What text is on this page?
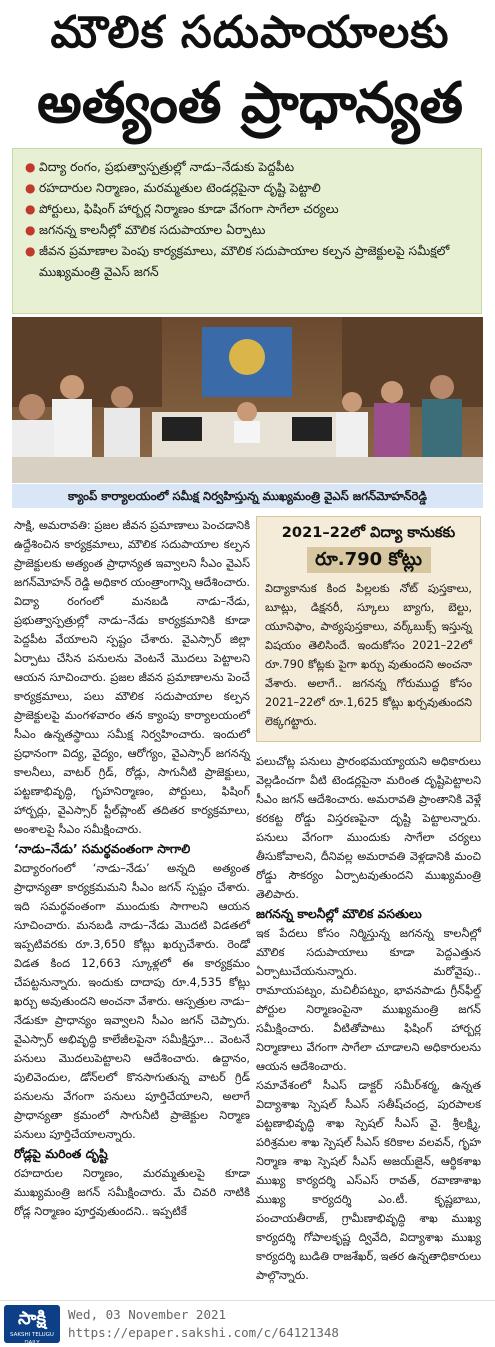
మౌలిక సదుపాయాలకు
అత్యంత ప్రాధాన్యత
● విద్యా రంగం, ప్రభుత్వాస్పత్రుల్లో నాడు–నేడుకు పెద్దపీట
● రహదారుల నిర్మాణం, మరమ్మతుల టెండర్లపైనా దృష్టి పెట్టాలి
● పోర్టులు, ఫిషింగ్ హార్బర్ల నిర్మాణం కూడా వేగంగా సాగేలా చర్యలు
● జగనన్న కాలనీల్లో మౌలిక సదుపాయాల ఏర్పాటు
● జీవన ప్రమాణాల పెంపు కార్యక్రమాలు, మౌలిక సదుపాయాల కల్పన ప్రాజెక్టులపై సమీక్షలో ముఖ్యమంత్రి వైఎస్ జగన్
క్యాంప్ కార్యాలయంలో సమీక్ష నిర్వహిస్తున్న ముఖ్యమంత్రి వైఎస్ జగన్‌మోహన్‌రెడ్డి

సాక్షి, అమరావతి: ప్రజల జీవన ప్రమాణాలు పెంచడానికి ఉద్దేశించిన కార్యక్రమాలు, మౌలిక సదుపాయాల కల్పన ప్రాజెక్టులకు అత్యంత ప్రాధాన్యత ఇవ్వాలని సీఎం వైఎస్ జగన్‌మోహన్ రెడ్డి అధికార యంత్రాంగాన్ని ఆదేశించారు. విద్యా రంగంలో మనబడి నాడు–నేడు, ప్రభుత్వాస్పత్రుల్లో నాడు–నేడు కార్యక్రమానికి కూడా పెద్దపీట వేయాలని స్పష్టం చేశారు. వైఎస్సార్ జిల్లా ఏర్పాటు చేసిన పనులను వెంటనే మొదలు పెట్టాలని ఆయన సూచించారు. ప్రజల జీవన ప్రమాణాలను పెంచే కార్యక్రమాలు, పలు మౌలిక సదుపాయాల కల్పన ప్రాజెక్టులపై మంగళవారం తన క్యాంపు కార్యాలయంలో సీఎం ఉన్నతస్థాయి సమీక్ష నిర్వహించారు. ఇందులో ప్రధానంగా విద్య, వైద్యం, ఆరోగ్యం, వైఎస్సార్ జగనన్న కాలనీలు, వాటర్ గ్రిడ్, రోడ్లు, సాగునీటి ప్రాజెక్టులు, పట్టణాభివృద్ధి, గృహనిర్మాణం, పోర్టులు, ఫిషింగ్ హార్బర్లు, వైఎస్సార్ స్టీల్‌ప్లాంట్ తదితర కార్యక్రమాలు, అంశాలపై సీఎం సమీక్షించారు.

‘నాడు–నేడు’ సమర్థవంతంగా సాగాలి

విద్యారంగంలో ‘నాడు–నేడు’ అన్నది అత్యంత ప్రాధాన్యతా కార్యక్రమమని సీఎం జగన్ స్పష్టం చేశారు. ఇది సమర్థవంతంగా ముందుకు సాగాలని ఆయన సూచించారు. మనబడి నాడు–నేడు మొదటి విడతలో ఇప్పటివరకు రూ.3,650 కోట్లు ఖర్చుచేశారు. రెండో విడత కింద 12,663 స్కూళ్లలో ఈ కార్యక్రమం చేపట్టనున్నారు. ఇందుకు దాదాపు రూ.4,535 కోట్లు ఖర్చు అవుతుందని అంచనా వేశారు. ఆస్పత్రుల నాడు–నేడుకూ ప్రాధాన్యం ఇవ్వాలని సీఎం జగన్ చెప్పారు. వైఎస్సార్ అభివృద్ధి కాలేజీలపైనా సమీక్షిస్తూ... వెంటనే పనులు మొదలుపెట్టాలని ఆదేశించారు. ఉద్దానం, పులివెందుల, డోన్‌లలో కొనసాగుతున్న వాటర్ గ్రిడ్ పనులను వేగంగా పనులు పూర్తిచేయాలని, అలాగే ప్రాధాన్యతా క్రమంలో సాగునీటి ప్రాజెక్టుల నిర్మాణ పనులు పూర్తిచేయాలన్నారు.

రోడ్లపై మరింత దృష్టి

రహదారుల నిర్మాణం, మరమ్మతులపై కూడా ముఖ్యమంత్రి జగన్ సమీక్షించారు. మే చివరి నాటికి రోడ్ల నిర్మాణం పూర్తవుతుందని.. ఇప్పటికే

2021–22లో విద్యా కానుకకు
రూ.790 కోట్లు
విద్యాకానుక కింద పిల్లలకు నోట్ పుస్తకాలు, బూట్లు, డిక్షనరీ, స్కూలు బ్యాగు, బెల్టు, యూనిఫాం, పాఠ్యపుస్తకాలు, వర్క్‌బుక్స్ ఇస్తున్న విషయం తెలిసిందే. ఇందుకోసం 2021–22లో రూ.790 కోట్లకు పైగా ఖర్చు వుతుందని అంచనా వేశారు. అలాగే.. జగనన్న గోరుముద్ద కోసం 2021–22లో రూ.1,625 కోట్లు ఖర్చవుతుందని లెక్కగట్టారు.

పలుచోట్ల పనులు ప్రారంభమయ్యాయని అధికారులు వెల్లడించగా వీటి టెండర్లపైనా మరింత దృష్టిపెట్టాలని సీఎం జగన్ ఆదేశించారు. అమరావతి ప్రాంతానికి వెళ్లే కరకట్ట రోడ్డు విస్తరణపైనా దృష్టి పెట్టాలన్నారు. పనులు వేగంగా ముందుకు సాగేలా చర్యలు తీసుకోవాలని, దీనివల్ల అమరావతి వెళ్లడానికి మంచి రోడ్డు సౌకర్యం ఏర్పాటవుతుందని ముఖ్యమంత్రి తెలిపారు.

జగనన్న కాలనీల్లో మౌలిక వసతులు

ఇక పేదలు కోసం నిర్మిస్తున్న జగనన్న కాలనీల్లో మౌలిక సదుపాయాలు కూడా పెద్దఎత్తున ఏర్పాటుచేయనున్నారు. మరోవైపు.. రామాయపట్నం, మచిలీపట్నం, భావనపాడు గ్రీన్‌ఫీల్డ్ పోర్టుల నిర్మాణంపైనా ముఖ్యమంత్రి జగన్ సమీక్షించారు. వీటితోపాటు ఫిషింగ్ హార్బర్ల నిర్మాణాలు వేగంగా సాగేలా చూడాలని అధికారులను ఆయన ఆదేశించారు.

సమావేశంలో సీఎస్ డాక్టర్ సమీర్‌శర్మ, ఉన్నత విద్యాశాఖ స్పెషల్ సీఎస్ సతీష్‌చంద్ర, పురపాలక పట్టణాభివృద్ధి శాఖ స్పెషల్ సీఎస్ వై. శ్రీలక్ష్మి, పరిశ్రమల శాఖ స్పెషల్ సీఎస్ కరికాల వలవన్, గృహ నిర్మాణ శాఖ స్పెషల్ సీఎస్ అజయ్‌జైన్, ఆర్థికశాఖ ముఖ్య కార్యదర్శి ఎస్ఎస్ రావత్, రవాణాశాఖ ముఖ్య కార్యదర్శి ఎం.టీ. కృష్ణబాబు, పంచాయతీరాజ్, గ్రామీణాభివృద్ధి శాఖ ముఖ్య కార్యదర్శి గోపాలకృష్ణ ద్వివేది, విద్యాశాఖ ముఖ్య కార్యదర్శి బుడితి రాజశేఖర్, ఇతర ఉన్నతాధికారులు పాల్గొన్నారు.

సాక్షి
SAKSHI TELUGU DAILY
Wed, 03 November 2021
https://epaper.sakshi.com/c/64121348
